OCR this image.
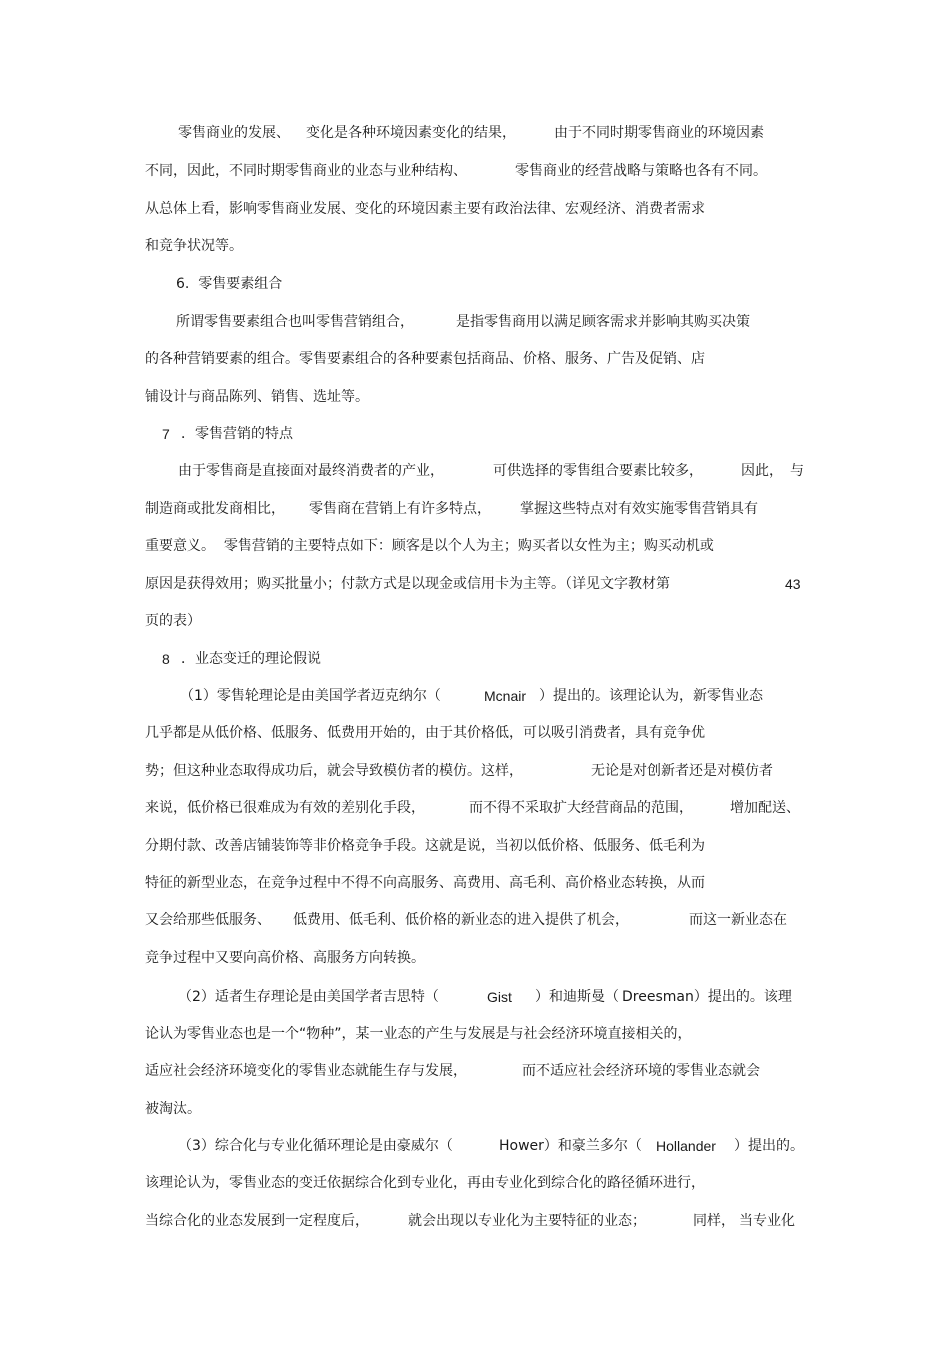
零售商业的发展、 变化是各种环境因素变化的结果，	由于不同时期零售商业的环境因素
不同，因此，不同时期零售商业的业态与业种结构、	零售商业的经营战略与策略也各有不同。
从总体上看，影响零售商业发展、变化的环境因素主要有政治法律、宏观经济、消费者需求
和竞争状况等。
6.  零售要素组合
所谓零售要素组合也叫零售营销组合，	是指零售商用以满足顾客需求并影响其购买决策
的各种营销要素的组合。零售要素组合的各种要素包括商品、价格、服务、广告及促销、店
铺设计与商品陈列、销售、选址等。
7 ．零售营销的特点
由于零售商是直接面对最终消费者的产业，	可供选择的零售组合要素比较多，	因此， 与
制造商或批发商相比， 零售商在营销上有许多特点， 掌握这些特点对有效实施零售营销具有
重要意义。  零售营销的主要特点如下：顾客是以个人为主；购买者以女性为主；购买动机或
原因是获得效用；购买批量小；付款方式是以现金或信用卡为主等。（详见文字教材第	43
页的表）
8 ．业态变迁的理论假说
（1）零售轮理论是由美国学者迈克纳尔（	Mcnair ）提出的。该理论认为，新零售业态
几乎都是从低价格、低服务、低费用开始的，由于其价格低，可以吸引消费者，具有竞争优
势；但这种业态取得成功后，就会导致模仿者的模仿。这样，	无论是对创新者还是对模仿者
来说，低价格已很难成为有效的差别化手段，	而不得不采取扩大经营商品的范围，	增加配送、
分期付款、改善店铺装饰等非价格竞争手段。这就是说，当初以低价格、低服务、低毛利为
特征的新型业态，在竞争过程中不得不向高服务、高费用、高毛利、高价格业态转换，从而
又会给那些低服务、 低费用、低毛利、低价格的新业态的进入提供了机会，	而这一新业态在
竞争过程中又要向高价格、高服务方向转换。
（2）适者生存理论是由美国学者吉思特（	Gist ）和迪斯曼（ Dreesman）提出的。该理
论认为零售业态也是一个“物种”，某一业态的产生与发展是与社会经济环境直接相关的，
适应社会经济环境变化的零售业态就能生存与发展，	而不适应社会经济环境的零售业态就会
被淘汰。
（3）综合化与专业化循环理论是由豪威尔（	Hower）和豪兰多尔（ Hollander ）提出的。
该理论认为，零售业态的变迁依据综合化到专业化，再由专业化到综合化的路径循环进行，
当综合化的业态发展到一定程度后，	就会出现以专业化为主要特征的业态；	同样， 当专业化
